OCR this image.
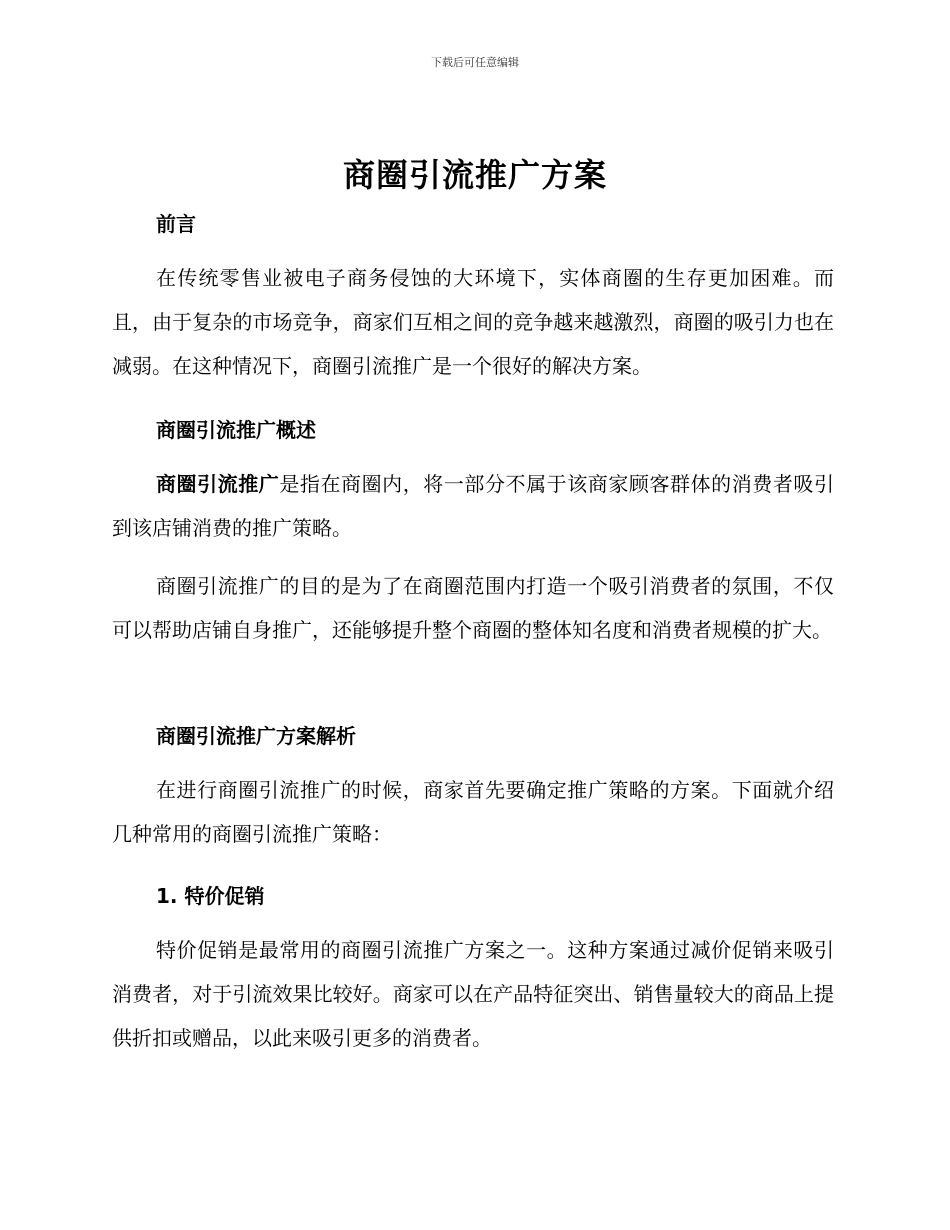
下载后可任意编辑
商圈引流推广方案
前言
在传统零售业被电子商务侵蚀的大环境下，实体商圈的生存更加困难。而且，由于复杂的市场竞争，商家们互相之间的竞争越来越激烈，商圈的吸引力也在减弱。在这种情况下，商圈引流推广是一个很好的解决方案。
商圈引流推广概述
商圈引流推广是指在商圈内，将一部分不属于该商家顾客群体的消费者吸引到该店铺消费的推广策略。
商圈引流推广的目的是为了在商圈范围内打造一个吸引消费者的氛围，不仅可以帮助店铺自身推广，还能够提升整个商圈的整体知名度和消费者规模的扩大。
商圈引流推广方案解析
在进行商圈引流推广的时候，商家首先要确定推广策略的方案。下面就介绍几种常用的商圈引流推广策略：
1. 特价促销
特价促销是最常用的商圈引流推广方案之一。这种方案通过减价促销来吸引消费者，对于引流效果比较好。商家可以在产品特征突出、销售量较大的商品上提供折扣或赠品，以此来吸引更多的消费者。
